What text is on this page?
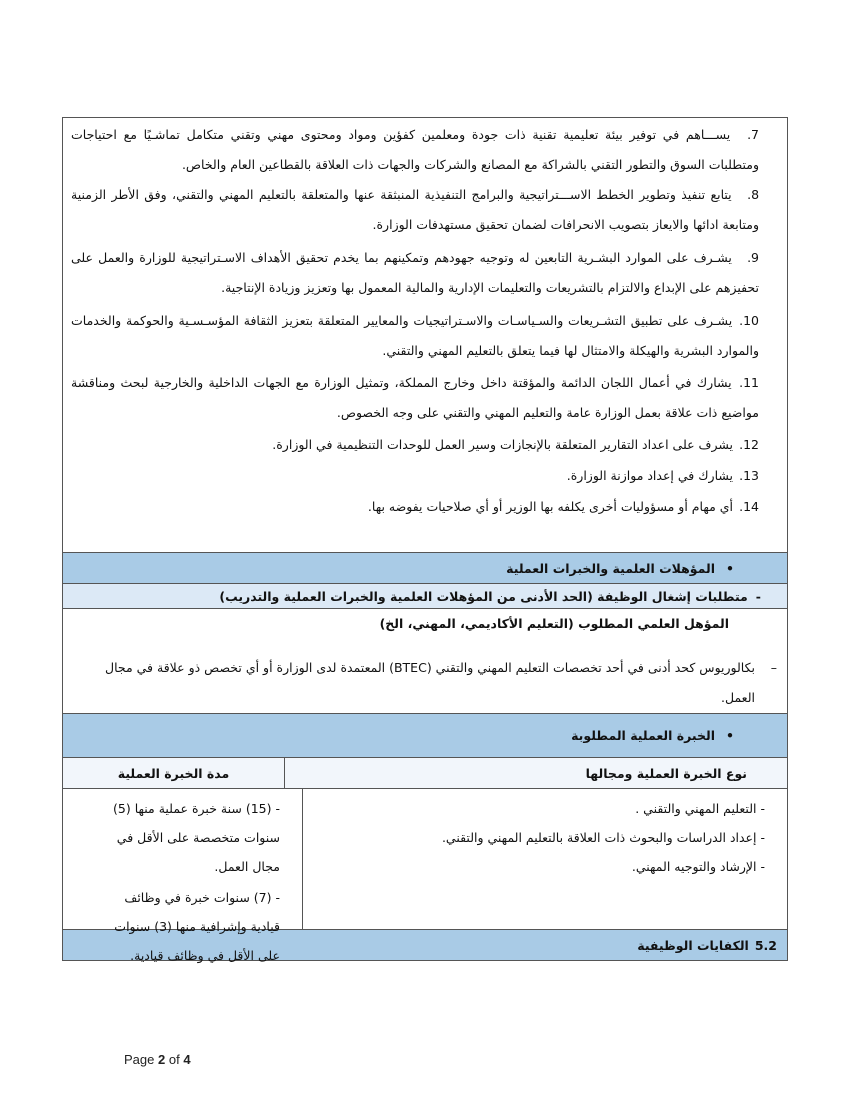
7. يســـاهم في توفير بيئة تعليمية تقنية ذات جودة ومعلمين كفؤين ومواد ومحتوى مهني وتقني متكامل تماشـيًا مع احتياجات ومتطلبات السوق والتطور التقني بالشراكة مع المصانع والشركات والجهات ذات العلاقة بالقطاعين العام والخاص.
8. يتابع تنفيذ وتطوير الخطط الاســـتراتيجية والبرامج التنفيذية المنبثقة عنها والمتعلقة بالتعليم المهني والتقني، وفق الأطر الزمنية ومتابعة ادائها والايعاز بتصويب الانحرافات لضمان تحقيق مستهدفات الوزارة.
9. يشـرف على الموارد البشـرية التابعين له وتوجيه جهودهم وتمكينهم بما يخدم تحقيق الأهداف الاسـتراتيجية للوزارة والعمل على تحفيزهم على الإبداع والالتزام بالتشريعات والتعليمات الإدارية والمالية المعمول بها وتعزيز وزيادة الإنتاجية.
10. يشـرف على تطبيق التشـريعات والسـياسـات والاسـتراتيجيات والمعايير المتعلقة بتعزيز الثقافة المؤسـسـية والحوكمة والخدمات والموارد البشرية والهيكلة والامتثال لها فيما يتعلق بالتعليم المهني والتقني.
11. يشارك في أعمال اللجان الدائمة والمؤقتة داخل وخارج المملكة، وتمثيل الوزارة مع الجهات الداخلية والخارجية لبحث ومناقشة مواضيع ذات علاقة بعمل الوزارة عامة والتعليم المهني والتقني على وجه الخصوص.
12. يشرف على اعداد التقارير المتعلقة بالإنجازات وسير العمل للوحدات التنظيمية في الوزارة.
13. يشارك في إعداد موازنة الوزارة.
14. أي مهام أو مسؤوليات أخرى يكلفه بها الوزير أو أي صلاحيات يفوضه بها.
•
المؤهلات العلمية والخبرات العملية
-
متطلبات إشغال الوظيفة (الحد الأدنى من المؤهلات العلمية والخبرات العملية والتدريب)
المؤهل العلمي المطلوب (التعليم الأكاديمي، المهني، الخ)
–
بكالوريوس كحد أدنى في أحد تخصصات التعليم المهني والتقني (BTEC) المعتمدة لدى الوزارة أو أي تخصص ذو علاقة في مجال العمل.
•
الخبرة العملية المطلوبة
نوع الخبرة العملية ومجالها
مدة الخبرة العملية
- التعليم المهني والتقني .
- إعداد الدراسات والبحوث ذات العلاقة بالتعليم المهني والتقني.
- الإرشاد والتوجيه المهني.
- (15) سنة خبرة عملية منها (5) سنوات متخصصة على الأقل في مجال العمل.
- (7) سنوات خبرة في وظائف قيادية وإشرافية منها (3) سنوات على الأقل في وظائف قيادية.
5.2
الكفايات الوظيفية
Page 2 of 4
